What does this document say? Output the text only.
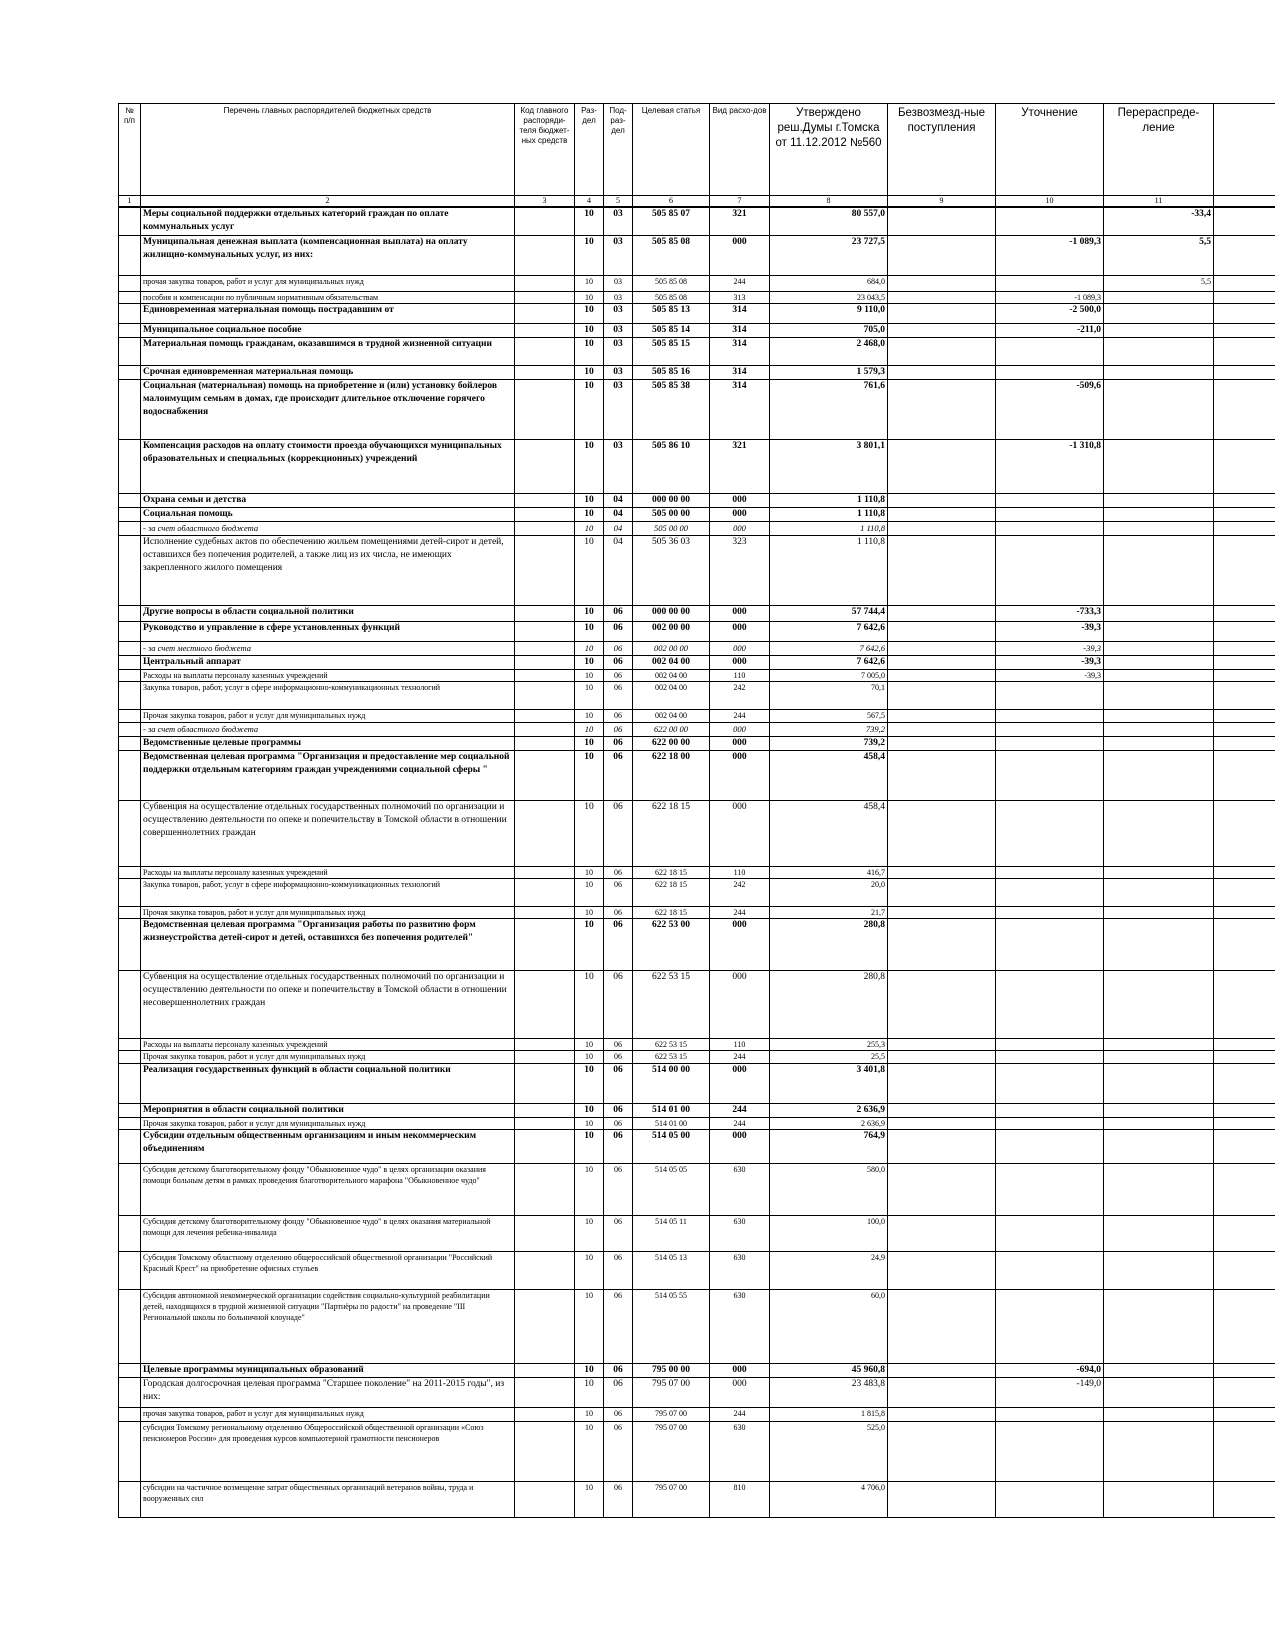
№ п/п	Перечень главных распорядителей бюджетных средств	Код главного распоряди-теля бюджет-ных средств	Раз-дел	Под-раз-дел	Целевая статья	Вид расхо-дов	Утверждено реш.Думы г.Томска от 11.12.2012 №560	Безвозмезд-ные поступления	Уточнение	Перераспреде-ление	
1	2	3	4	5	6	7	8	9	10	11	
	Меры социальной поддержки отдельных категорий граждан по оплате коммунальных услуг		10	03	505 85 07	321	80 557,0			-33,4	
	Муниципальная денежная выплата (компенсационная выплата) на оплату жилищно-коммунальных услуг, из них:		10	03	505 85 08	000	23 727,5		-1 089,3	5,5	
	прочая закупка товаров, работ и услуг для муниципальных нужд		10	03	505 85 08	244	684,0			5,5	
	пособия и компенсации по публичным нормативным обязательствам		10	03	505 85 08	313	23 043,5		-1 089,3		
	Единовременная материальная помощь пострадавшим от		10	03	505 85 13	314	9 110,0		-2 500,0		
	Муниципальное социальное пособие		10	03	505 85 14	314	705,0		-211,0		
	Материальная помощь гражданам, оказавшимся в трудной жизненной ситуации		10	03	505 85 15	314	2 468,0				
	Срочная единовременная материальная помощь		10	03	505 85 16	314	1 579,3				
	Социальная (материальная) помощь на приобретение и (или) установку бойлеров малоимущим семьям в домах, где происходит длительное отключение горячего водоснабжения		10	03	505 85 38	314	761,6		-509,6		
	Компенсация расходов на оплату стоимости проезда обучающихся муниципальных образовательных и специальных (коррекционных) учреждений		10	03	505 86 10	321	3 801,1		-1 310,8		
	Охрана семьи и детства		10	04	000 00 00	000	1 110,8				
	Социальная помощь		10	04	505 00 00	000	1 110,8				
	- за счет областного бюджета		10	04	505 00 00	000	1 110,8				
	Исполнение судебных актов по обеспечению жильем помещениями детей-сирот и детей, оставшихся без попечения родителей, а также лиц из их числа, не имеющих закрепленного жилого помещения		10	04	505 36 03	323	1 110,8				
	Другие вопросы в области социальной политики		10	06	000 00 00	000	57 744,4		-733,3		
	Руководство и управление в сфере установленных функций		10	06	002 00 00	000	7 642,6		-39,3		
	- за счет местного бюджета		10	06	002 00 00	000	7 642,6		-39,3		
	Центральный аппарат		10	06	002 04 00	000	7 642,6		-39,3		
	Расходы на выплаты персоналу казенных учреждений		10	06	002 04 00	110	7 005,0		-39,3		
	Закупка товаров, работ, услуг в сфере информационно-коммуникационных технологий		10	06	002 04 00	242	70,1				
	Прочая закупка товаров, работ и услуг для муниципальных нужд		10	06	002 04 00	244	567,5				
	- за счет областного бюджета		10	06	622 00 00	000	739,2				
	Ведомственные целевые программы		10	06	622 00 00	000	739,2				
	Ведомственная целевая программа "Организация и предоставление мер социальной поддержки отдельным категориям граждан учреждениями социальной сферы "		10	06	622 18 00	000	458,4				
	Субвенция на осуществление отдельных государственных полномочий по организации и осуществлению деятельности по опеке и попечительству в Томской области в отношении совершеннолетних граждан		10	06	622 18 15	000	458,4				
	Расходы на выплаты персоналу казенных учреждений		10	06	622 18 15	110	416,7				
	Закупка товаров, работ, услуг в сфере информационно-коммуникационных технологий		10	06	622 18 15	242	20,0				
	Прочая закупка товаров, работ и услуг для муниципальных нужд		10	06	622 18 15	244	21,7				
	Ведомственная целевая программа "Организация работы по развитию форм жизнеустройства детей-сирот и детей, оставшихся без попечения родителей"		10	06	622 53 00	000	280,8				
	Субвенция на осуществление отдельных государственных полномочий по организации и осуществлению деятельности по опеке и попечительству в Томской области в отношении несовершеннолетних граждан		10	06	622 53 15	000	280,8				
	Расходы на выплаты персоналу казенных учреждений		10	06	622 53 15	110	255,3				
	Прочая закупка товаров, работ и услуг для муниципальных нужд		10	06	622 53 15	244	25,5				
	Реализация государственных функций в области социальной политики		10	06	514 00 00	000	3 401,8				
	Мероприятия в области социальной политики		10	06	514 01 00	244	2 636,9				
	Прочая закупка товаров, работ и услуг для муниципальных нужд		10	06	514 01 00	244	2 636,9				
	Субсидии отдельным общественным организациям и иным некоммерческим объединениям		10	06	514 05 00	000	764,9				
	Субсидия детскому благотворительному фонду "Обыкновенное чудо" в целях организации оказания помощи больным детям в рамках проведения благотворительного марафона "Обыкновенное чудо"		10	06	514 05 05	630	580,0				
	Субсидия детскому благотворительному фонду "Обыкновенное чудо" в целях оказания материальной помощи для лечения ребенка-инвалида		10	06	514 05 11	630	100,0				
	Субсидия Томскому областному отделению общероссийской общественной организации "Российский Красный Крест" на приобретение офисных стульев		10	06	514 05 13	630	24,9				
	Субсидия автономной некоммерческой организации содействия социально-культурной реабилитации детей, находящихся в трудной жизненной ситуации "Партнёры по радости" на проведение "III Региональной школы по больничной клоунаде"		10	06	514 05 55	630	60,0				
	Целевые программы муниципальных образований		10	06	795 00 00	000	45 960,8		-694,0		
	Городская долгосрочная целевая программа "Старшее поколение" на 2011-2015 годы", из них:		10	06	795 07 00	000	23 483,8		-149,0		
	прочая закупка товаров, работ и услуг для муниципальных нужд		10	06	795 07 00	244	1 815,8				
	субсидия Томскому региональному отделению Общероссийской общественной организации «Союз пенсионеров России» для проведения курсов компьютерной грамотности пенсионеров		10	06	795 07 00	630	525,0				
	субсидии на частичное возмещение затрат общественных организаций ветеранов войны, труда и вооруженных сил		10	06	795 07 00	810	4 706,0				
